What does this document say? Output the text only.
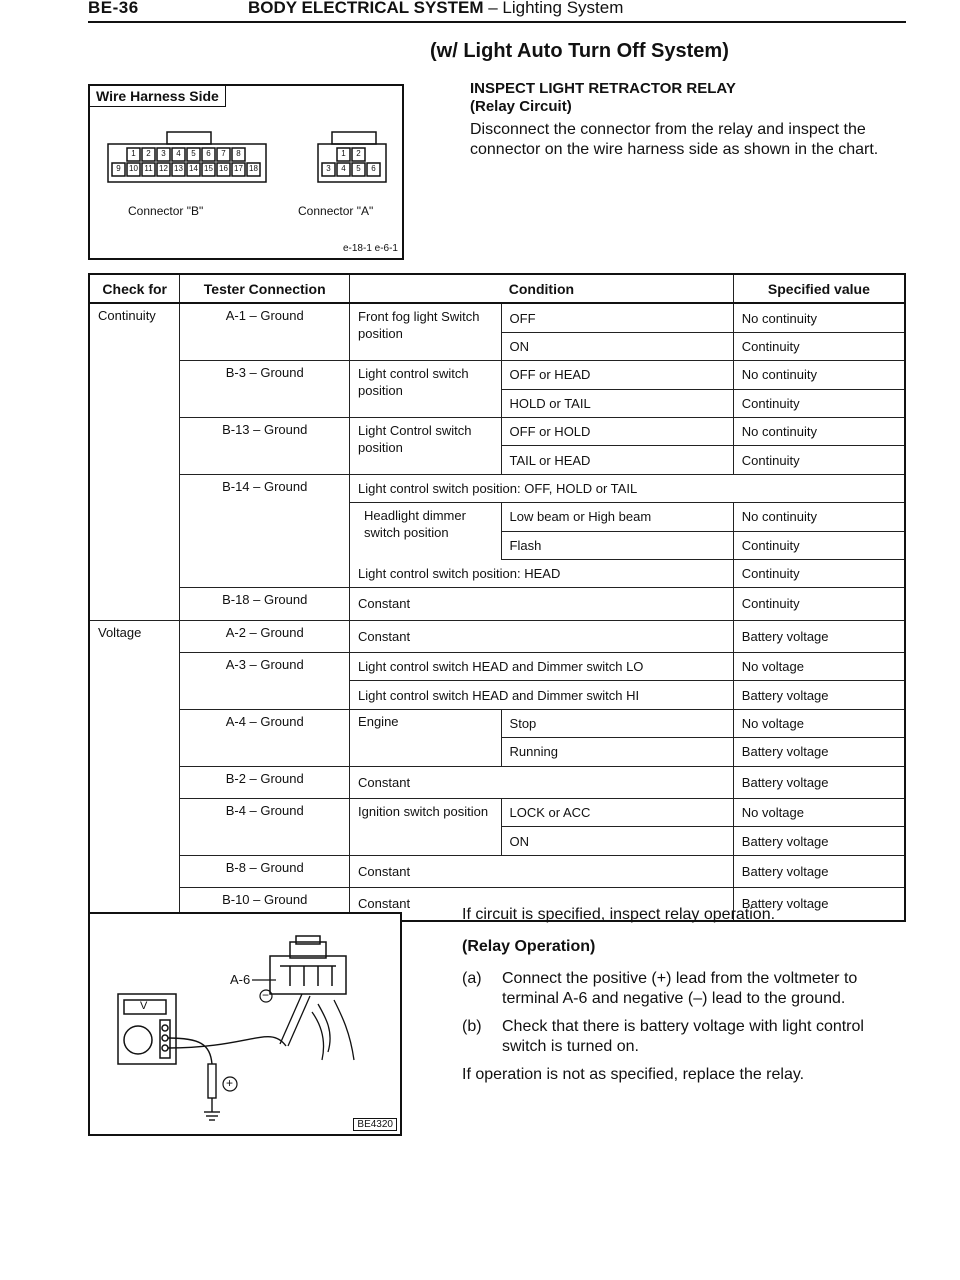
BE-36	BODY ELECTRICAL SYSTEM – Lighting System
(w/ Light Auto Turn Off System)
INSPECT LIGHT RETRACTOR RELAY
(Relay Circuit)
Disconnect the connector from the relay and inspect the connector on the wire harness side as shown in the chart.
Wire Harness Side
1 2 3 4 5 6 7 8
9 10 11 12 13 14 15 16 17 18
1 2
3 4 5 6
Connector "B"	Connector "A"
e-18-1 e-6-1
Check for	Tester Connection	Condition		Specified value
Continuity	A-1 – Ground	Front fog light Switch position	OFF	No continuity
			ON	Continuity
	B-3 – Ground	Light control switch position	OFF or HEAD	No continuity
			HOLD or TAIL	Continuity
	B-13 – Ground	Light Control switch position	OFF or HOLD	No continuity
			TAIL or HEAD	Continuity
	B-14 – Ground	Light control switch position: OFF, HOLD or TAIL		
		Headlight dimmer switch position	Low beam or High beam	No continuity
			Flash	Continuity
		Light control switch position: HEAD		Continuity
	B-18 – Ground	Constant		Continuity
Voltage	A-2 – Ground	Constant		Battery voltage
	A-3 – Ground	Light control switch HEAD and Dimmer switch LO		No voltage
		Light control switch HEAD and Dimmer switch HI		Battery voltage
	A-4 – Ground	Engine	Stop	No voltage
			Running	Battery voltage
	B-2 – Ground	Constant		Battery voltage
	B-4 – Ground	Ignition switch position	LOCK or ACC	No voltage
			ON	Battery voltage
	B-8 – Ground	Constant		Battery voltage
	B-10 – Ground	Constant		Battery voltage
A-6
V
−
+
BE4320

If circuit is specified, inspect relay operation.

(Relay Operation)

(a) Connect the positive (+) lead from the voltmeter to terminal A-6 and negative (–) lead to the ground.

(b) Check that there is battery voltage with light control switch is turned on.

If operation is not as specified, replace the relay.
